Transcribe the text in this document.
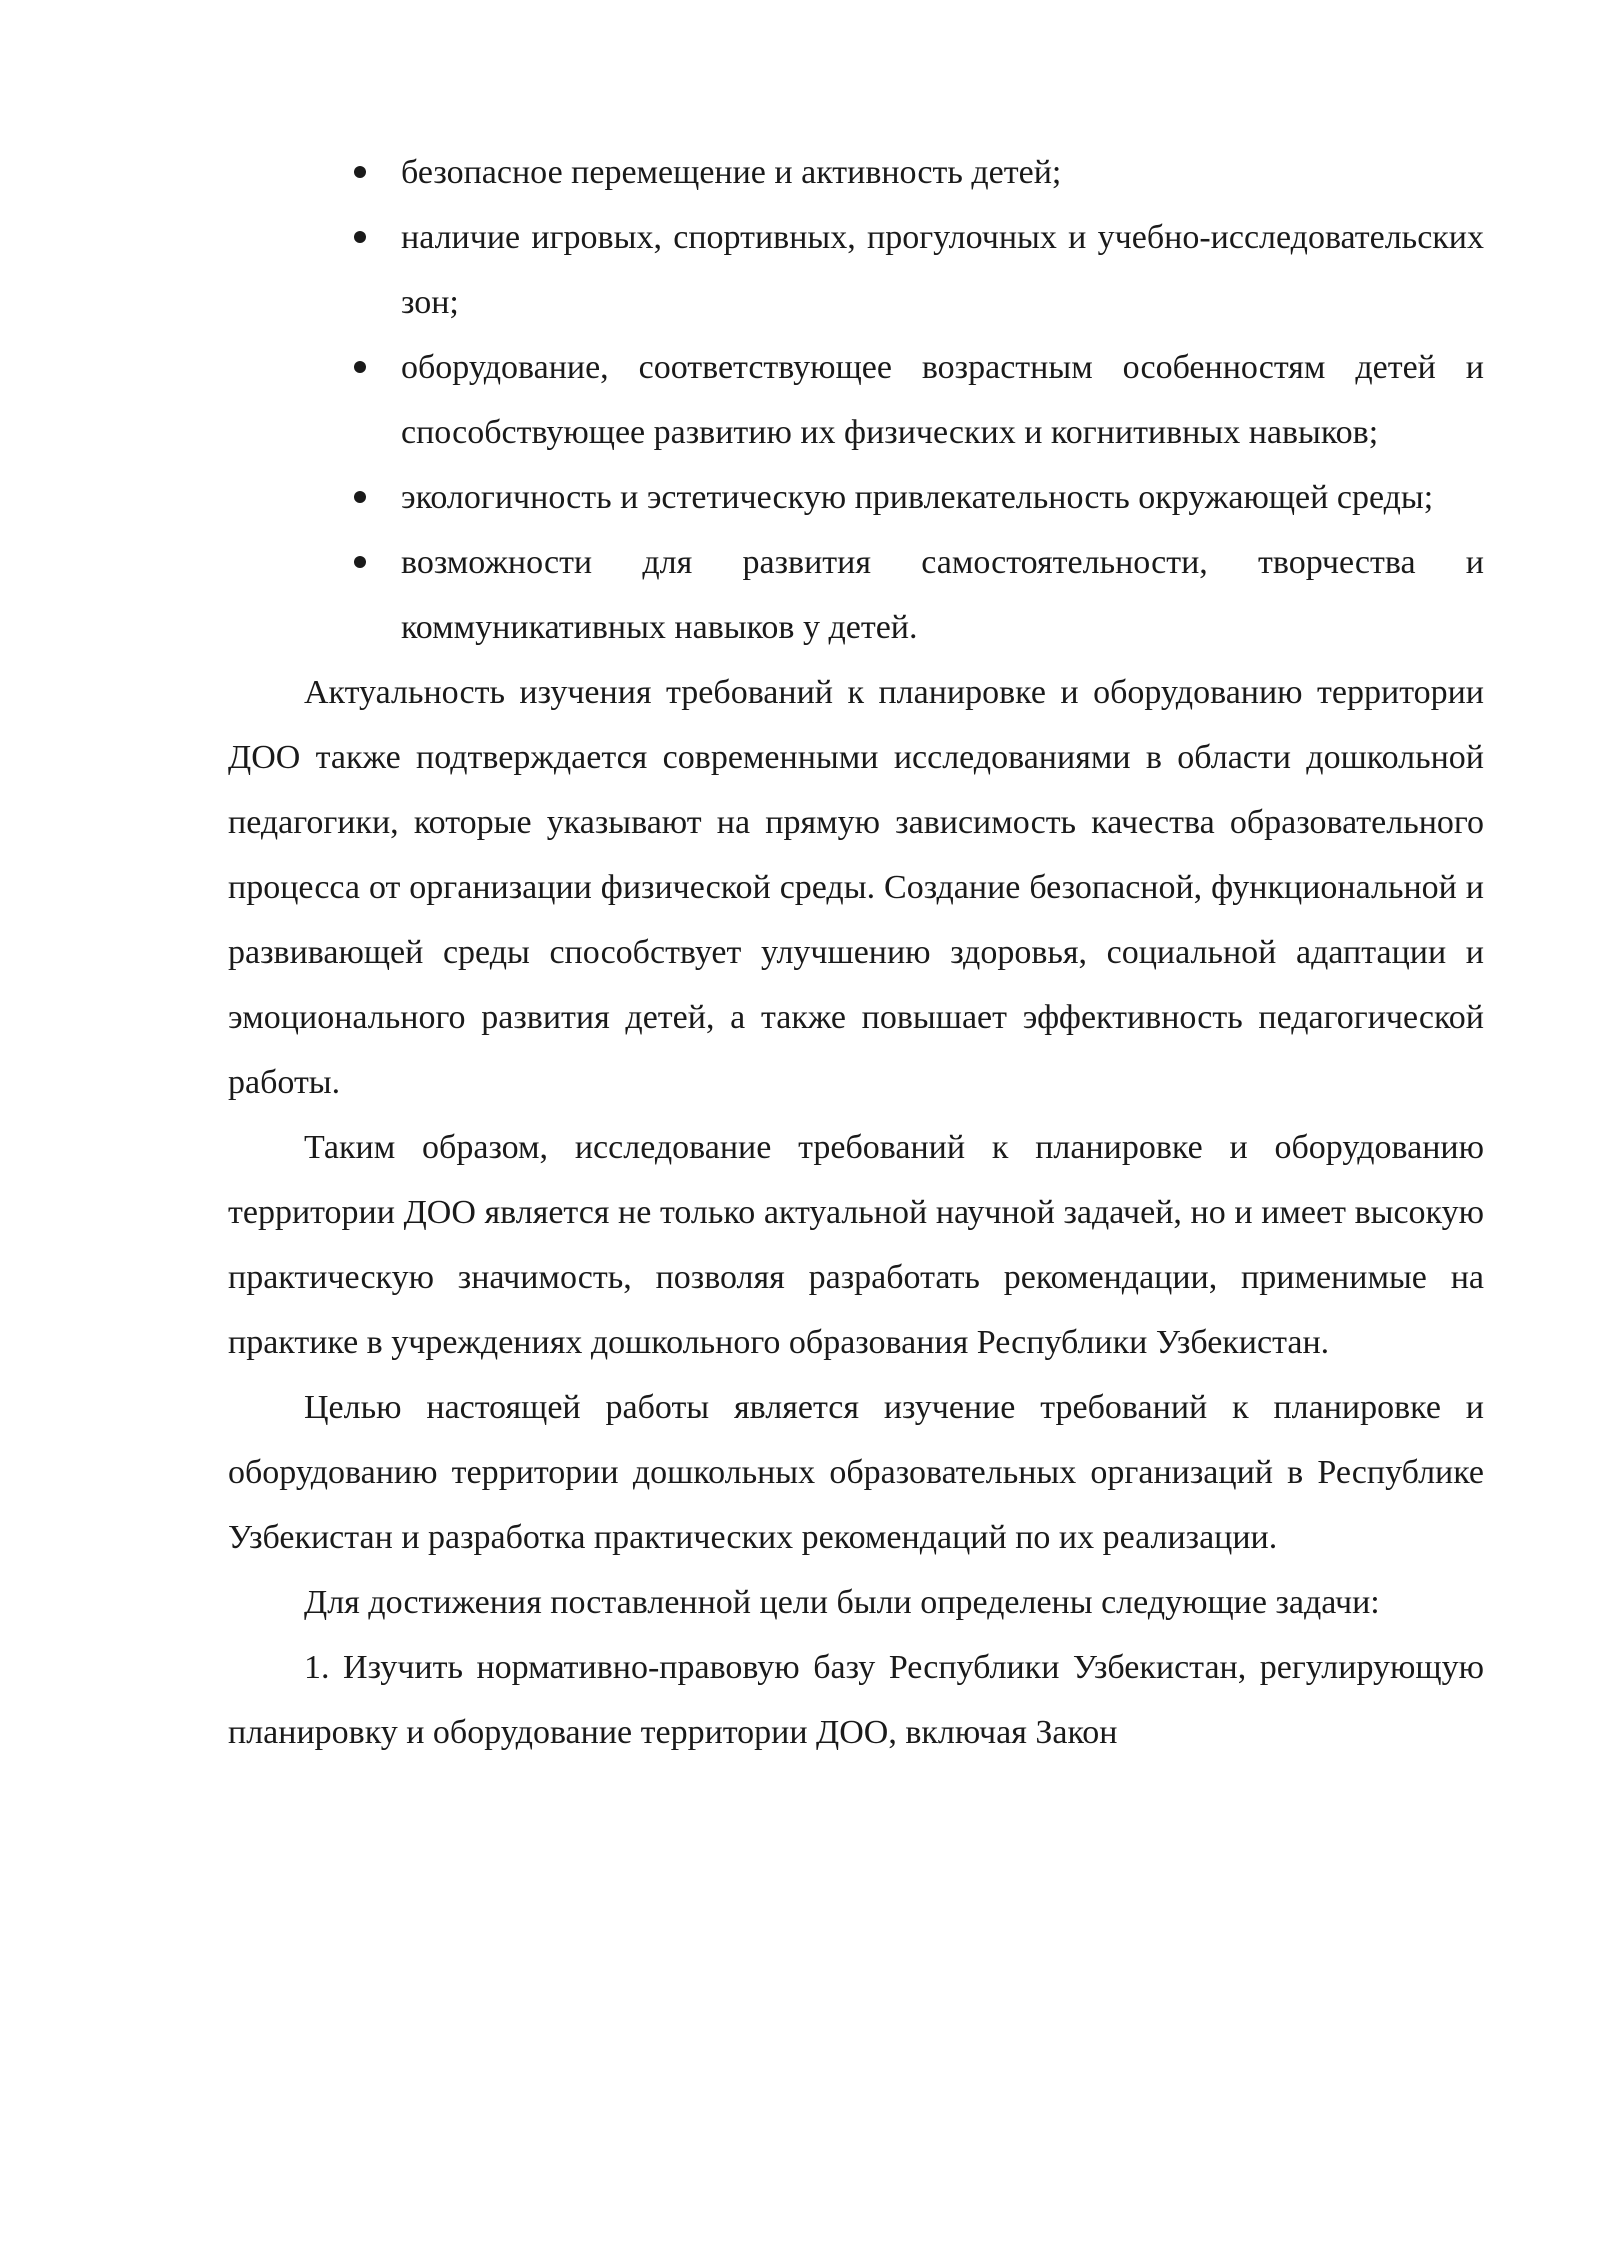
безопасное перемещение и активность детей;
наличие игровых, спортивных, прогулочных и учебно-исследовательских зон;
оборудование, соответствующее возрастным особенностям детей и способствующее развитию их физических и когнитивных навыков;
экологичность и эстетическую привлекательность окружающей среды;
возможности для развития самостоятельности, творчества и коммуникативных навыков у детей.

Актуальность изучения требований к планировке и оборудованию территории ДОО также подтверждается современными исследованиями в области дошкольной педагогики, которые указывают на прямую зависимость качества образовательного процесса от организации физической среды. Создание безопасной, функциональной и развивающей среды способствует улучшению здоровья, социальной адаптации и эмоционального развития детей, а также повышает эффективность педагогической работы.

Таким образом, исследование требований к планировке и оборудованию территории ДОО является не только актуальной научной задачей, но и имеет высокую практическую значимость, позволяя разработать рекомендации, применимые на практике в учреждениях дошкольного образования Республики Узбекистан.

Целью настоящей работы является изучение требований к планировке и оборудованию территории дошкольных образовательных организаций в Республике Узбекистан и разработка практических рекомендаций по их реализации.

Для достижения поставленной цели были определены следующие задачи:

1. Изучить нормативно-правовую базу Республики Узбекистан, регулирующую планировку и оборудование территории ДОО, включая Закон
